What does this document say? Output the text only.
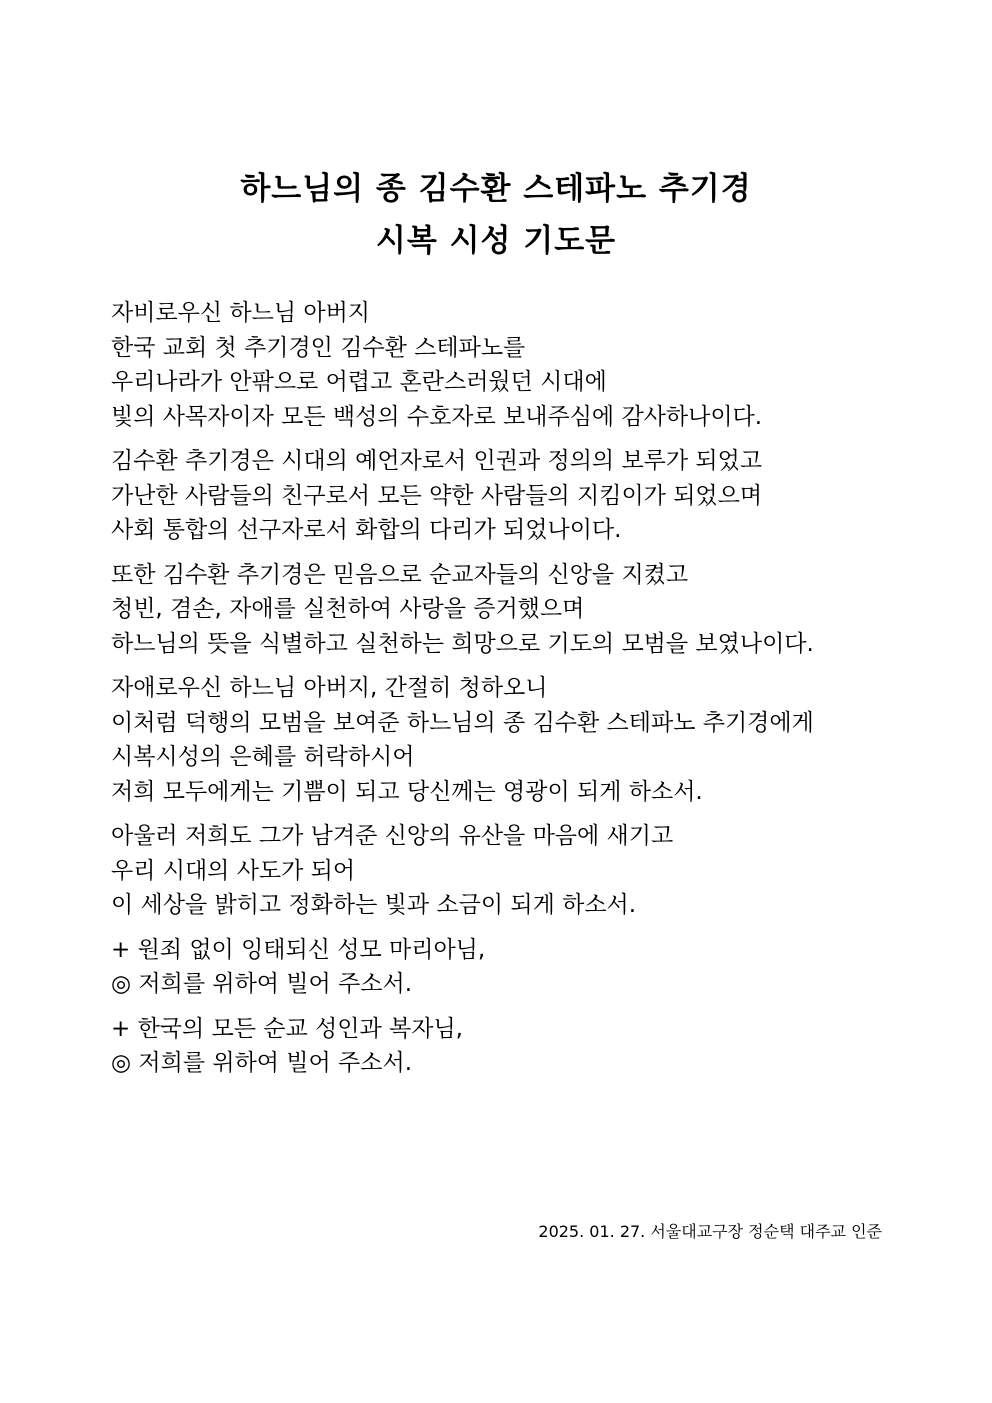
하느님의 종 김수환 스테파노 추기경
시복 시성 기도문
자비로우신 하느님 아버지
한국 교회 첫 추기경인 김수환 스테파노를
우리나라가 안팎으로 어렵고 혼란스러웠던 시대에
빛의 사목자이자 모든 백성의 수호자로 보내주심에 감사하나이다.
김수환 추기경은 시대의 예언자로서 인권과 정의의 보루가 되었고
가난한 사람들의 친구로서 모든 약한 사람들의 지킴이가 되었으며
사회 통합의 선구자로서 화합의 다리가 되었나이다.
또한 김수환 추기경은 믿음으로 순교자들의 신앙을 지켰고
청빈, 겸손, 자애를 실천하여 사랑을 증거했으며
하느님의 뜻을 식별하고 실천하는 희망으로 기도의 모범을 보였나이다.
자애로우신 하느님 아버지, 간절히 청하오니
이처럼 덕행의 모범을 보여준 하느님의 종 김수환 스테파노 추기경에게
시복시성의 은혜를 허락하시어
저희 모두에게는 기쁨이 되고 당신께는 영광이 되게 하소서.
아울러 저희도 그가 남겨준 신앙의 유산을 마음에 새기고
우리 시대의 사도가 되어
이 세상을 밝히고 정화하는 빛과 소금이 되게 하소서.
+ 원죄 없이 잉태되신 성모 마리아님,
◎ 저희를 위하여 빌어 주소서.
+ 한국의 모든 순교 성인과 복자님,
◎ 저희를 위하여 빌어 주소서.
2025. 01. 27. 서울대교구장 정순택 대주교 인준
